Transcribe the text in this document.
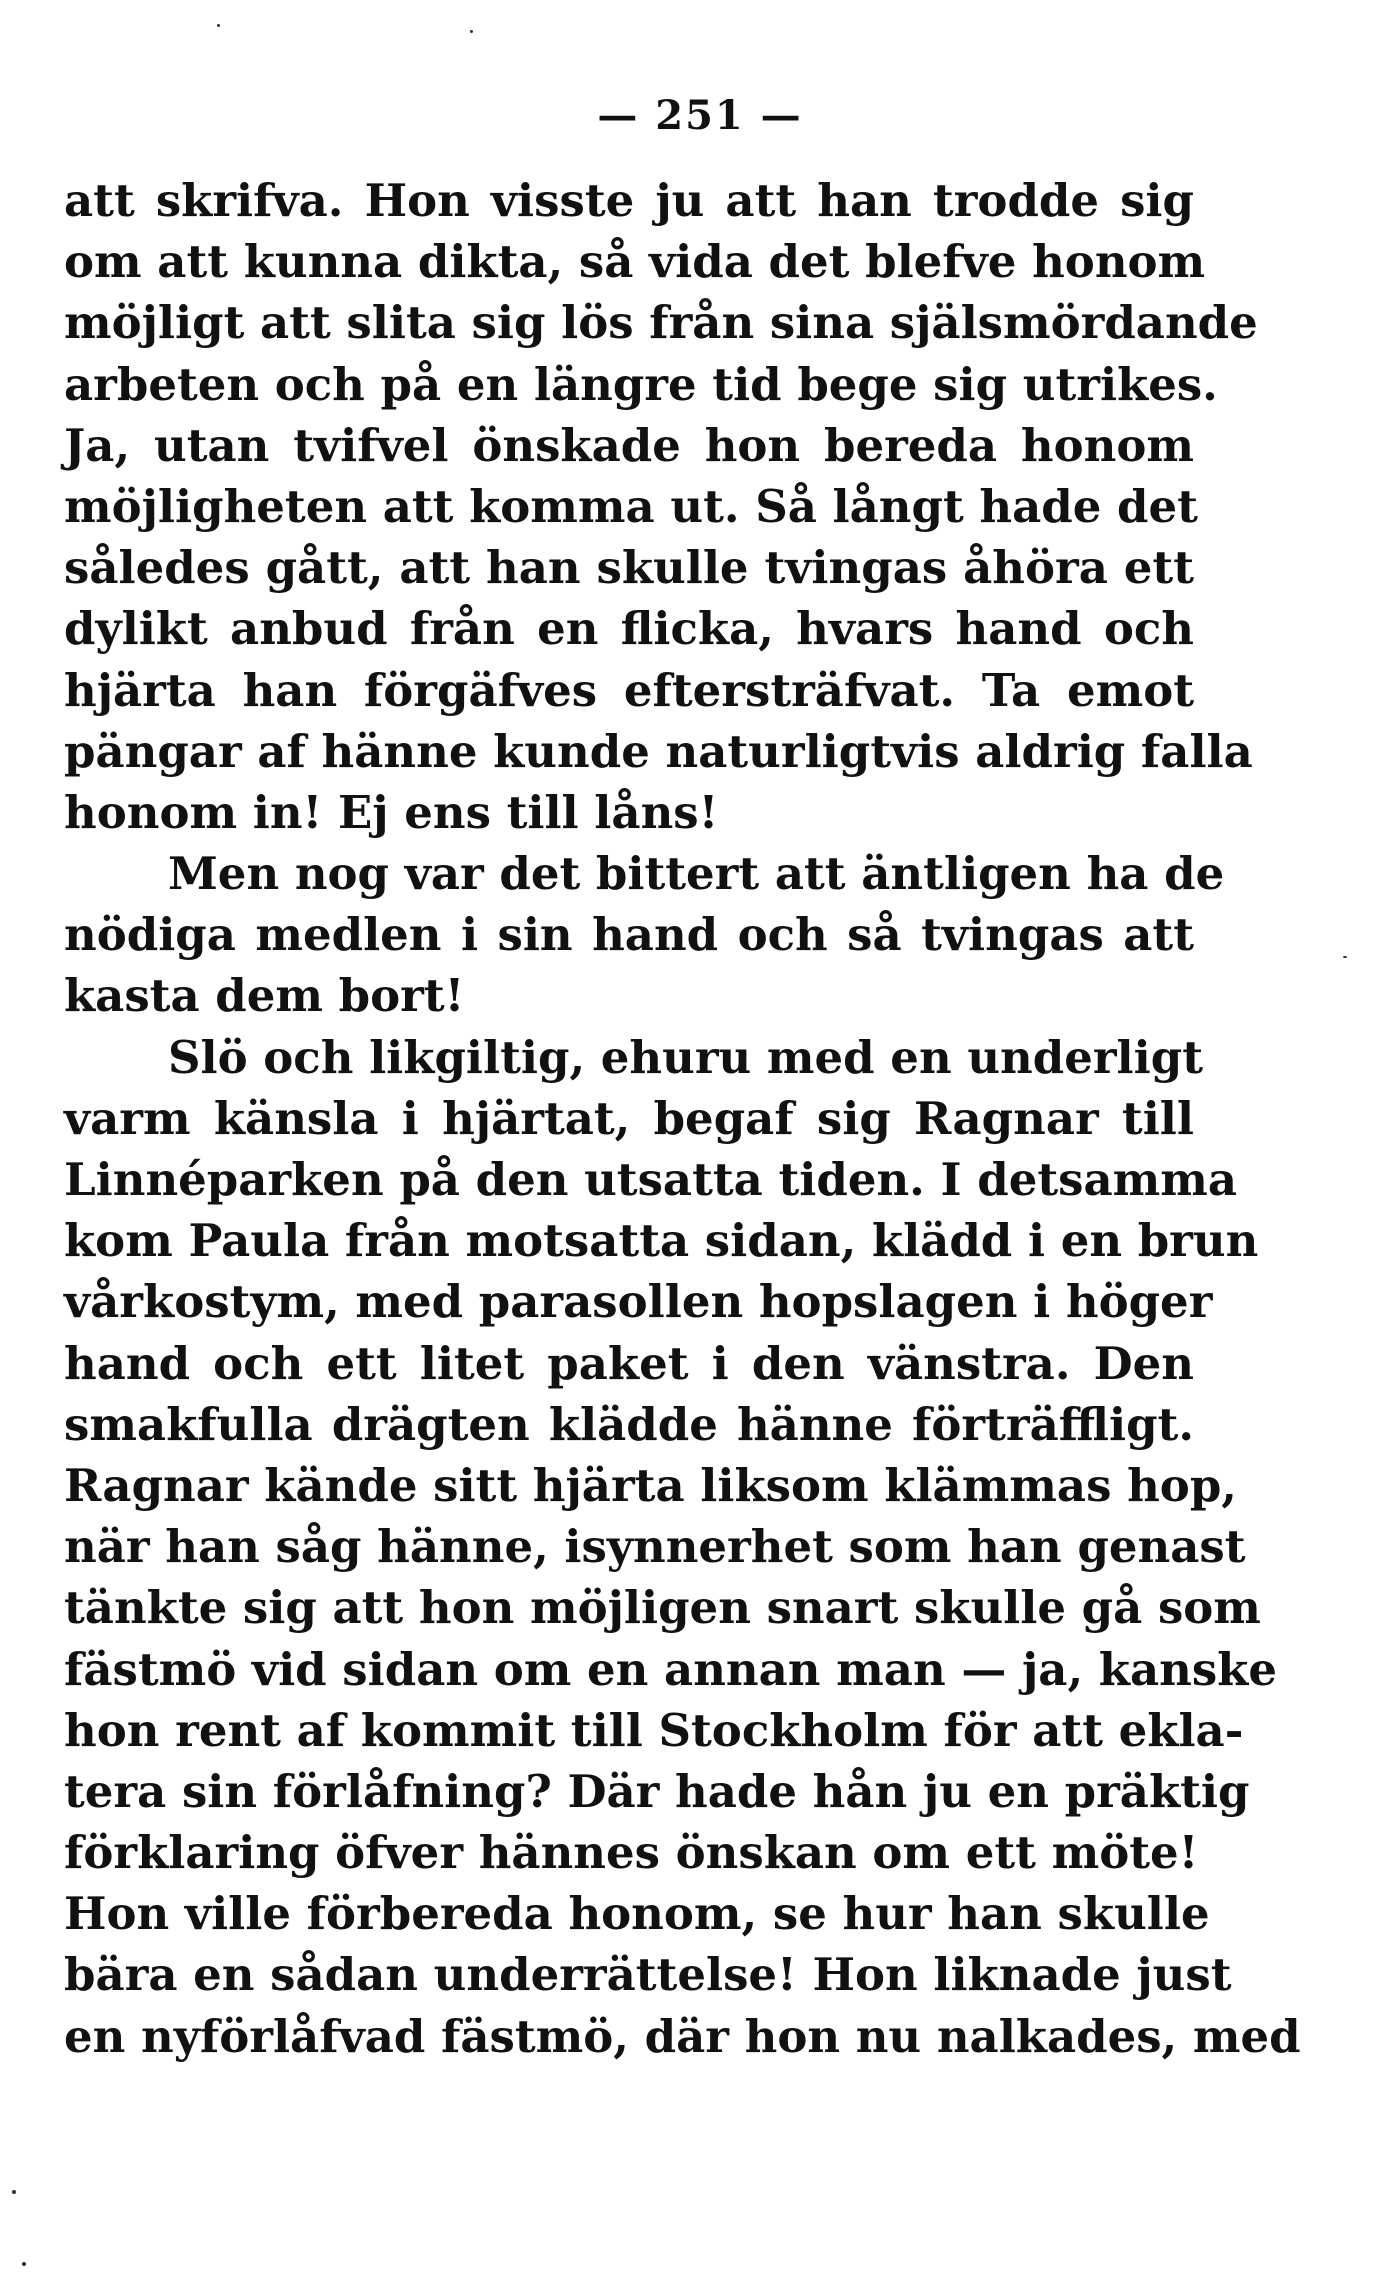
— 251 —
att skrifva. Hon visste ju att han trodde sig
om att kunna dikta, så vida det blefve honom
möjligt att slita sig lös från sina själsmördande
arbeten och på en längre tid bege sig utrikes.
Ja, utan tvifvel önskade hon bereda honom
möjligheten att komma ut. Så långt hade det
således gått, att han skulle tvingas åhöra ett
dylikt anbud från en flicka, hvars hand och
hjärta han förgäfves eftersträfvat. Ta emot
pängar af hänne kunde naturligtvis aldrig falla
honom in! Ej ens till låns!
Men nog var det bittert att äntligen ha de
nödiga medlen i sin hand och så tvingas att
kasta dem bort!
Slö och likgiltig, ehuru med en underligt
varm känsla i hjärtat, begaf sig Ragnar till
Linnéparken på den utsatta tiden. I detsamma
kom Paula från motsatta sidan, klädd i en brun
vårkostym, med parasollen hopslagen i höger
hand och ett litet paket i den vänstra. Den
smakfulla drägten klädde hänne förträffligt.
Ragnar kände sitt hjärta liksom klämmas hop,
när han såg hänne, isynnerhet som han genast
tänkte sig att hon möjligen snart skulle gå som
fästmö vid sidan om en annan man — ja, kanske
hon rent af kommit till Stockholm för att ekla-
tera sin förlåfning? Där hade hån ju en präktig
förklaring öfver hännes önskan om ett möte!
Hon ville förbereda honom, se hur han skulle
bära en sådan underrättelse! Hon liknade just
en nyförlåfvad fästmö, där hon nu nalkades, med
